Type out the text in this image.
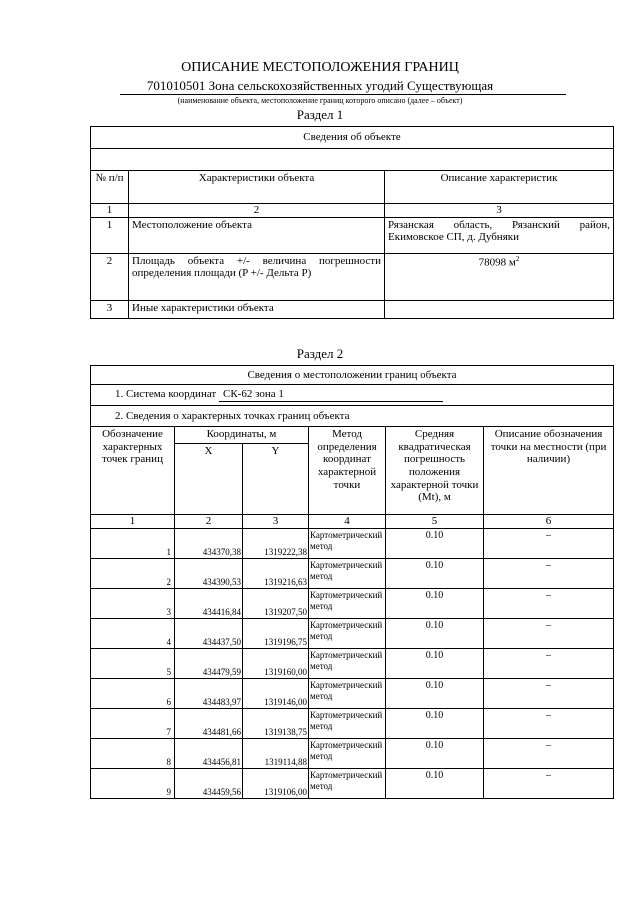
ОПИСАНИЕ МЕСТОПОЛОЖЕНИЯ ГРАНИЦ
701010501 Зона сельскохозяйственных угодий Существующая
(наименование объекта, местоположение границ которого описано (далее – объект)
Раздел 1
Сведения об объекте		

№ п/п	Характеристики объекта	Описание характеристик
1	2	3
1	Местоположение объекта	Рязанская область, Рязанский район, Екимовское СП, д. Дубняки
2	Площадь объекта +/- величина погрешности определения площади (P +/- Дельта P)	78098 $м^2$
3	Иные характеристики объекта	
Раздел 2
Сведения о местоположении границ объекта					
1. Система координат СК-62 зона 1					
2. Сведения о характерных точках границ объекта					
Обозначение характерных точек границ	Координаты, м		Метод определения координат характерной точки	Средняя квадратическая погрешность положения характерной точки (Mt), м	Описание обозначения точки на местности (при наличии)
	X	Y			
1	2	3	4	5	6
1	434370,38	1319222,38	Картометрический метод	0.10	–
2	434390,53	1319216,63	Картометрический метод	0.10	–
3	434416,84	1319207,50	Картометрический метод	0.10	–
4	434437,50	1319196,75	Картометрический метод	0.10	–
5	434479,59	1319160,00	Картометрический метод	0.10	–
6	434483,97	1319146,00	Картометрический метод	0.10	–
7	434481,66	1319138,75	Картометрический метод	0.10	–
8	434456,81	1319114,88	Картометрический метод	0.10	–
9	434459,56	1319106,00	Картометрический метод	0.10	–
